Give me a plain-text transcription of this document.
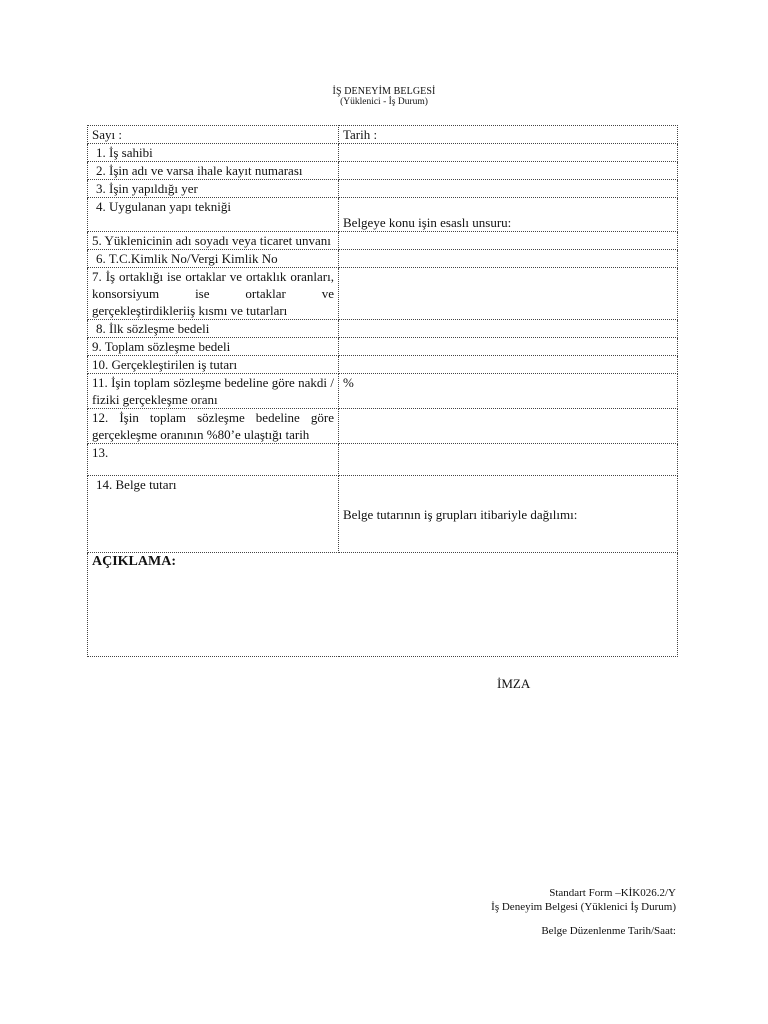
İŞ DENEYİM BELGESİ
(Yüklenici - İş Durum)
Sayı :	Tarih :
1. İş sahibi	
2. İşin adı ve varsa ihale kayıt numarası	
3. İşin yapıldığı yer	
4. Uygulanan yapı tekniği	Belgeye konu işin esaslı unsuru:

5. Yüklenicinin adı soyadı veya ticaret unvanı	
6. T.C.Kimlik No/Vergi Kimlik No	
7. İş ortaklığı ise ortaklar ve ortaklık oranları, konsorsiyum ise ortaklar ve gerçekleştirdikleriiş kısmı ve tutarları	
8. İlk sözleşme bedeli	
9. Toplam sözleşme bedeli	
10. Gerçekleştirilen iş tutarı	
11. İşin toplam sözleşme bedeline göre nakdi / fiziki gerçekleşme oranı	%
12. İşin toplam sözleşme bedeline göre gerçekleşme oranının %80’e ulaştığı tarih	
13.	
14. Belge tutarı	Belge tutarının iş grupları itibariyle dağılımı:

AÇIKLAMA:	
İMZA
Standart Form –KİK026.2/Y
İş Deneyim Belgesi (Yüklenici İş Durum)
Belge Düzenlenme Tarih/Saat:
